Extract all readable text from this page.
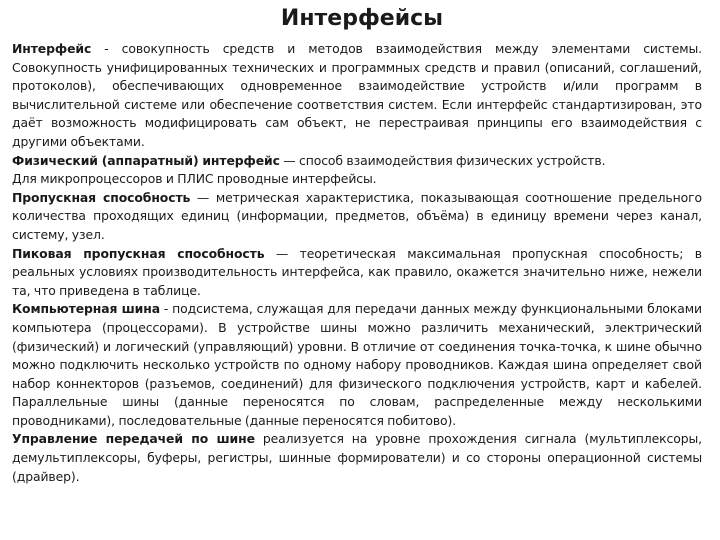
Интерфейсы

Интерфейс - совокупность средств и методов взаимодействия между элементами системы. Совокупность унифицированных технических и программных средств и правил (описаний, соглашений, протоколов), обеспечивающих одновременное взаимодействие устройств и/или программ в вычислительной системе или обеспечение соответствия систем. Если интерфейс стандартизирован, это даёт возможность модифицировать сам объект, не перестраивая принципы его взаимодействия с другими объектами.

Физический (аппаратный) интерфейс — способ взаимодействия физических устройств.

Для микропроцессоров и ПЛИС проводные интерфейсы.

Пропускная способность — метрическая характеристика, показывающая соотношение предельного количества проходящих единиц (информации, предметов, объёма) в единицу времени через канал, систему, узел.

Пиковая пропускная способность — теоретическая максимальная пропускная способность; в реальных условиях производительность интерфейса, как правило, окажется значительно ниже, нежели та, что приведена в таблице.

Компьютерная шина - подсистема, служащая для передачи данных между функциональными блоками компьютера (процессорами). В устройстве шины можно различить механический, электрический (физический) и логический (управляющий) уровни. В отличие от соединения точка-точка, к шине обычно можно подключить несколько устройств по одному набору проводников. Каждая шина определяет свой набор коннекторов (разъемов, соединений) для физического подключения устройств, карт и кабелей. Параллельные шины (данные переносятся по словам, распределенные между несколькими проводниками), последовательные (данные переносятся побитово).

Управление передачей по шине реализуется на уровне прохождения сигнала (мультиплексоры, демультиплексоры, буферы, регистры, шинные формирователи) и со стороны операционной системы (драйвер).
